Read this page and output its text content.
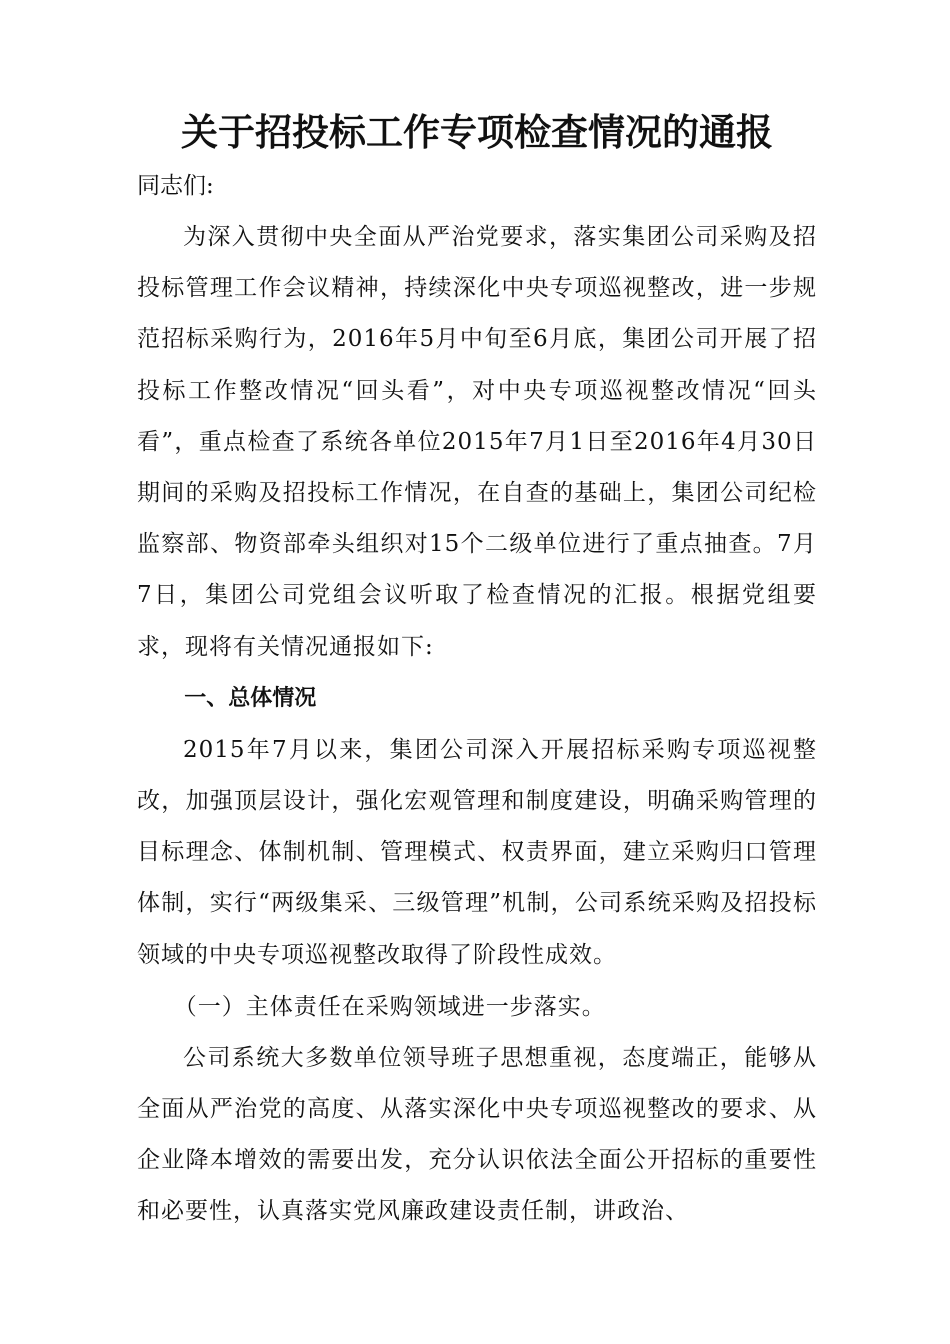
关于招投标工作专项检查情况的通报

同志们:

为深入贯彻中央全面从严治党要求，落实集团公司采购及招投标管理工作会议精神，持续深化中央专项巡视整改，进一步规范招标采购行为，2016年5月中旬至6月底，集团公司开展了招投标工作整改情况“回头看”，对中央专项巡视整改情况“回头看”，重点检查了系统各单位2015年7月1日至2016年4月30日期间的采购及招投标工作情况，在自查的基础上，集团公司纪检监察部、物资部牵头组织对15个二级单位进行了重点抽查。7月7日，集团公司党组会议听取了检查情况的汇报。根据党组要求，现将有关情况通报如下:

一、总体情况

2015年7月以来，集团公司深入开展招标采购专项巡视整改，加强顶层设计，强化宏观管理和制度建设，明确采购管理的目标理念、体制机制、管理模式、权责界面，建立采购归口管理体制，实行“两级集采、三级管理”机制，公司系统采购及招投标领域的中央专项巡视整改取得了阶段性成效。

（一）主体责任在采购领域进一步落实。

公司系统大多数单位领导班子思想重视，态度端正，能够从全面从严治党的高度、从落实深化中央专项巡视整改的要求、从企业降本增效的需要出发，充分认识依法全面公开招标的重要性和必要性，认真落实党风廉政建设责任制，讲政治、
